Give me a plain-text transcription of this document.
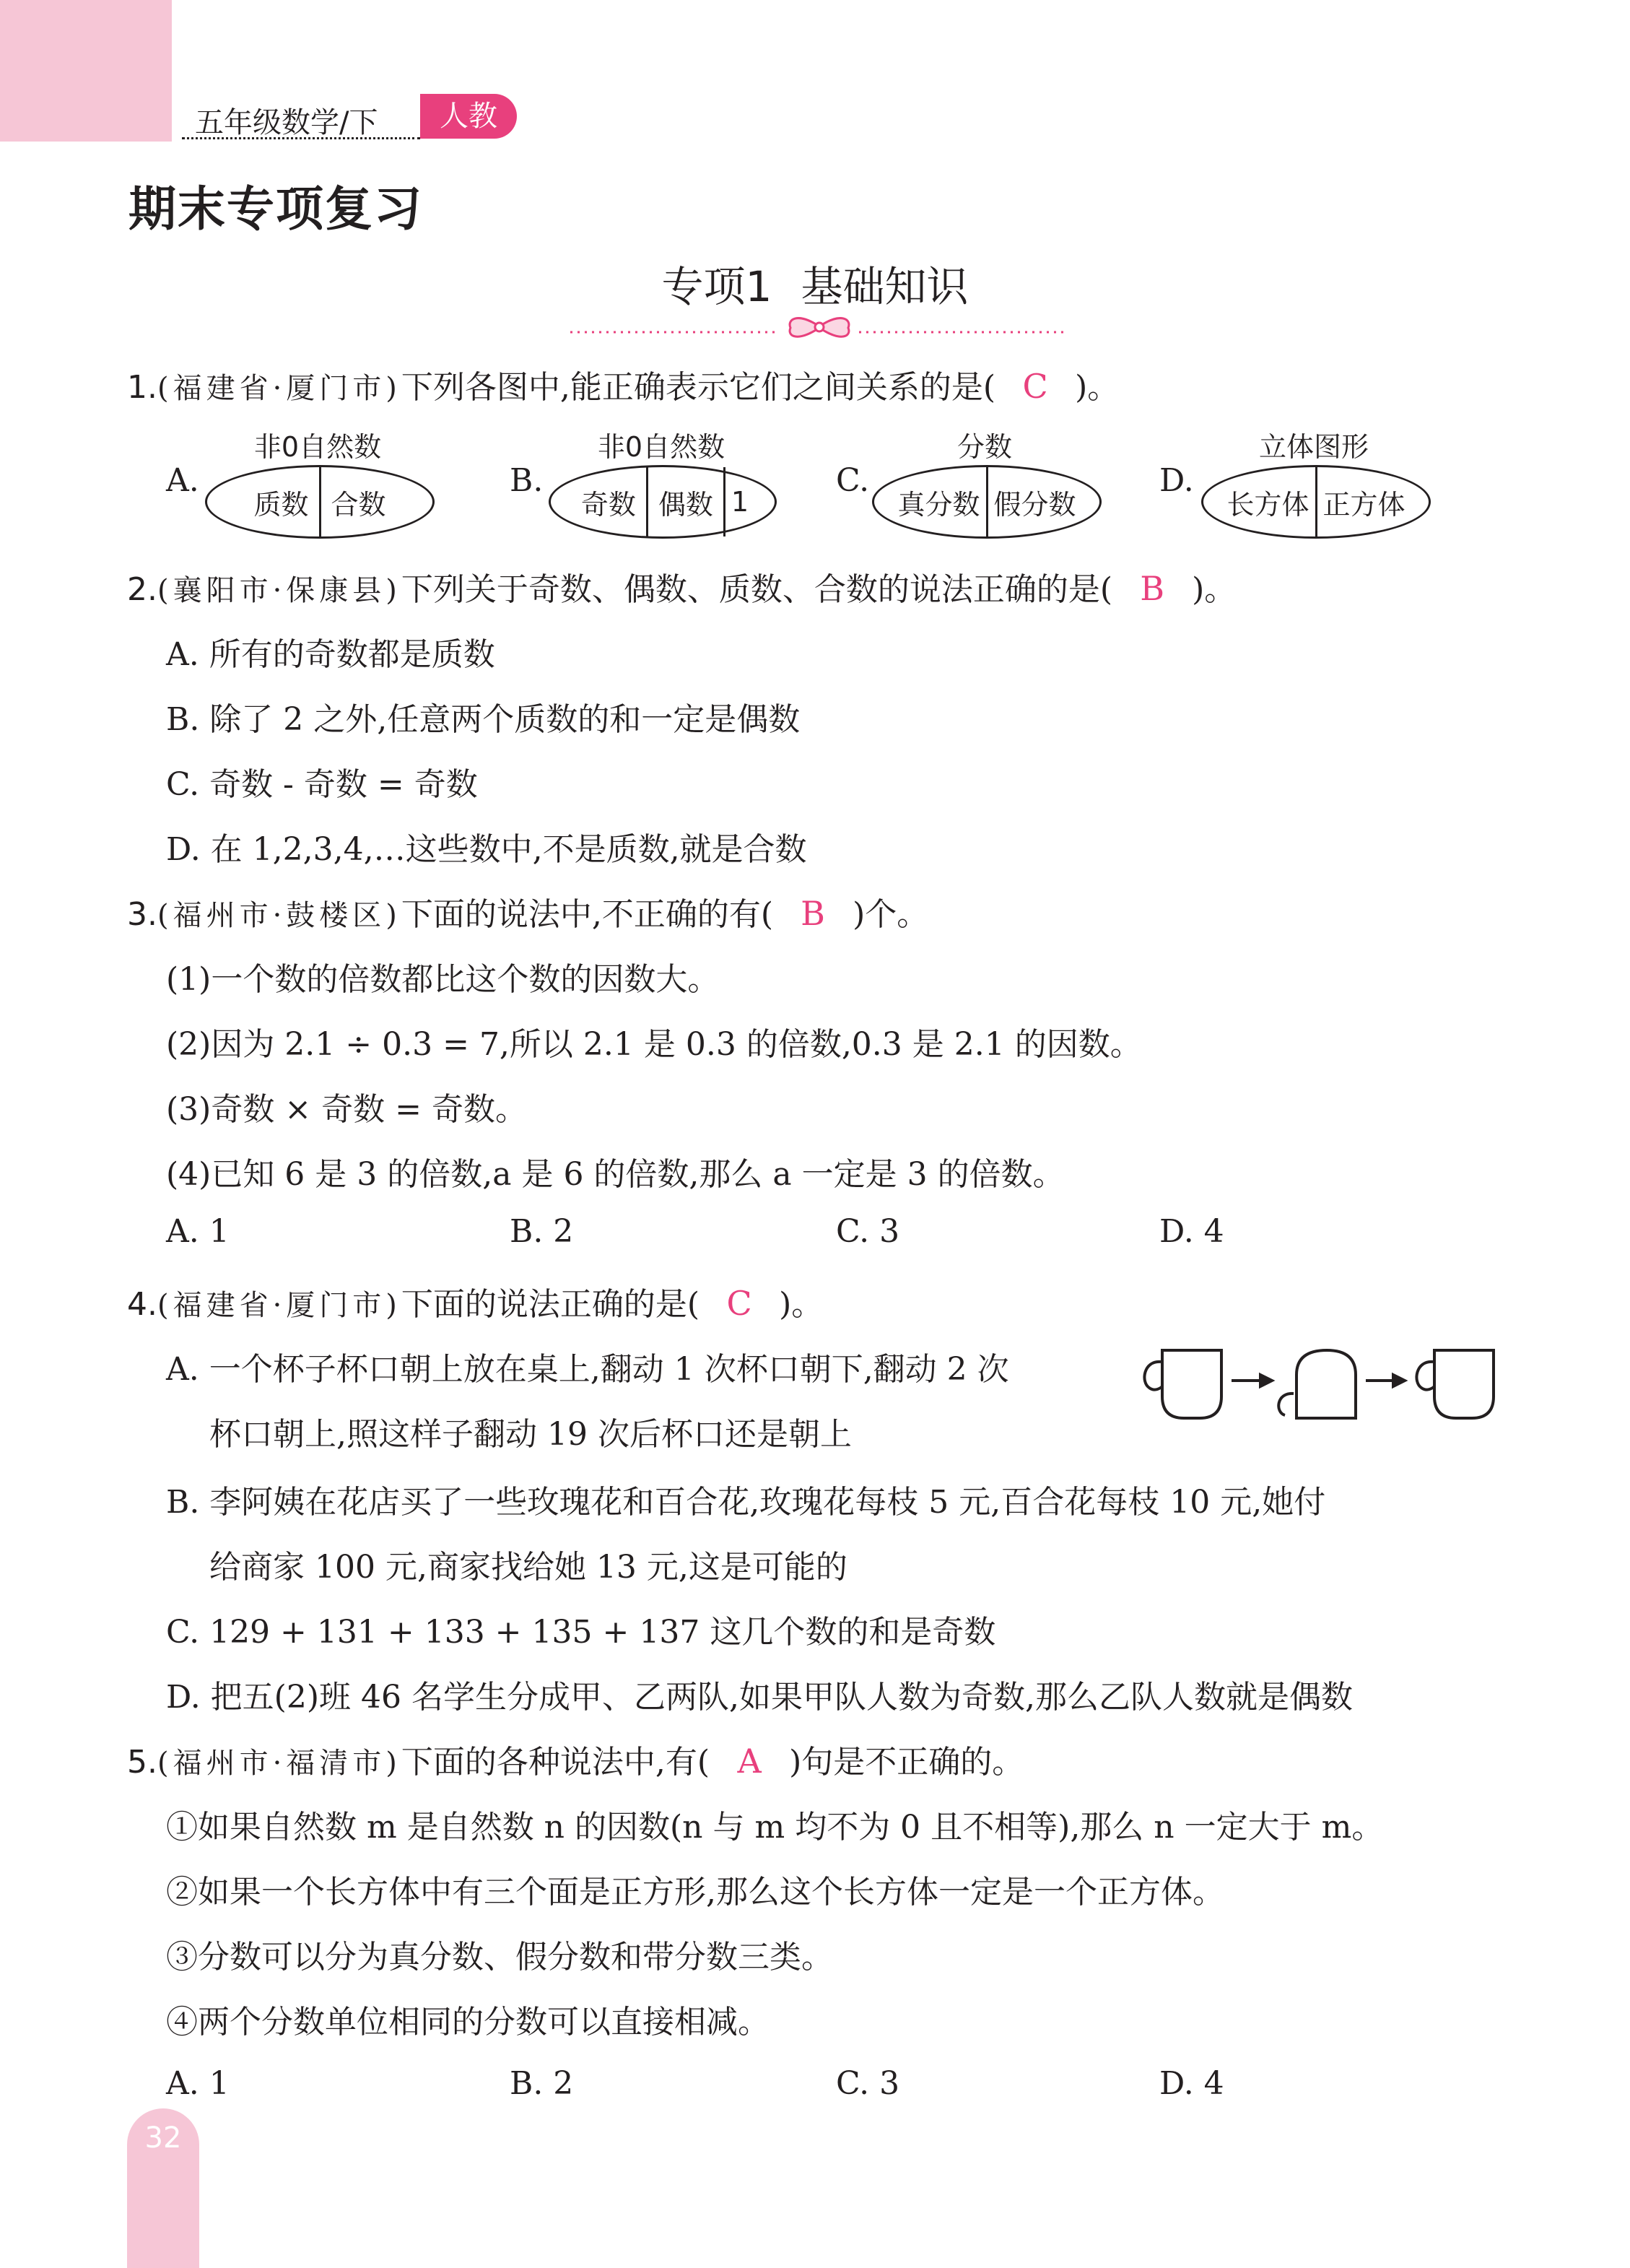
五年级数学/下	人教
期末专项复习
专项1 基础知识
1.(福建省·厦门市)下列各图中,能正确表示它们之间关系的是( C )。
A.
非0自然数
质数 合数
B.
非0自然数
奇数 偶数 1
C.
分数
真分数 假分数
D.
立体图形
长方体 正方体
2.(襄阳市·保康县)下列关于奇数、偶数、质数、合数的说法正确的是( B )。
A. 所有的奇数都是质数
B. 除了 2 之外,任意两个质数的和一定是偶数
C. 奇数 - 奇数 = 奇数
D. 在 1,2,3,4,…这些数中,不是质数,就是合数
3.(福州市·鼓楼区)下面的说法中,不正确的有( B )个。
(1)一个数的倍数都比这个数的因数大。
(2)因为 2.1 ÷ 0.3 = 7,所以 2.1 是 0.3 的倍数,0.3 是 2.1 的因数。
(3)奇数 × 奇数 = 奇数。
(4)已知 6 是 3 的倍数,a 是 6 的倍数,那么 a 一定是 3 的倍数。
A. 1	B. 2	C. 3	D. 4
4.(福建省·厦门市)下面的说法正确的是( C )。
A. 一个杯子杯口朝上放在桌上,翻动 1 次杯口朝下,翻动 2 次
杯口朝上,照这样子翻动 19 次后杯口还是朝上
B. 李阿姨在花店买了一些玫瑰花和百合花,玫瑰花每枝 5 元,百合花每枝 10 元,她付
给商家 100 元,商家找给她 13 元,这是可能的
C. 129 + 131 + 133 + 135 + 137 这几个数的和是奇数
D. 把五(2)班 46 名学生分成甲、乙两队,如果甲队人数为奇数,那么乙队人数就是偶数
5.(福州市·福清市)下面的各种说法中,有( A )句是不正确的。
①如果自然数 m 是自然数 n 的因数(n 与 m 均不为 0 且不相等),那么 n 一定大于 m。
②如果一个长方体中有三个面是正方形,那么这个长方体一定是一个正方体。
③分数可以分为真分数、假分数和带分数三类。
④两个分数单位相同的分数可以直接相减。
A. 1	B. 2	C. 3	D. 4
32
